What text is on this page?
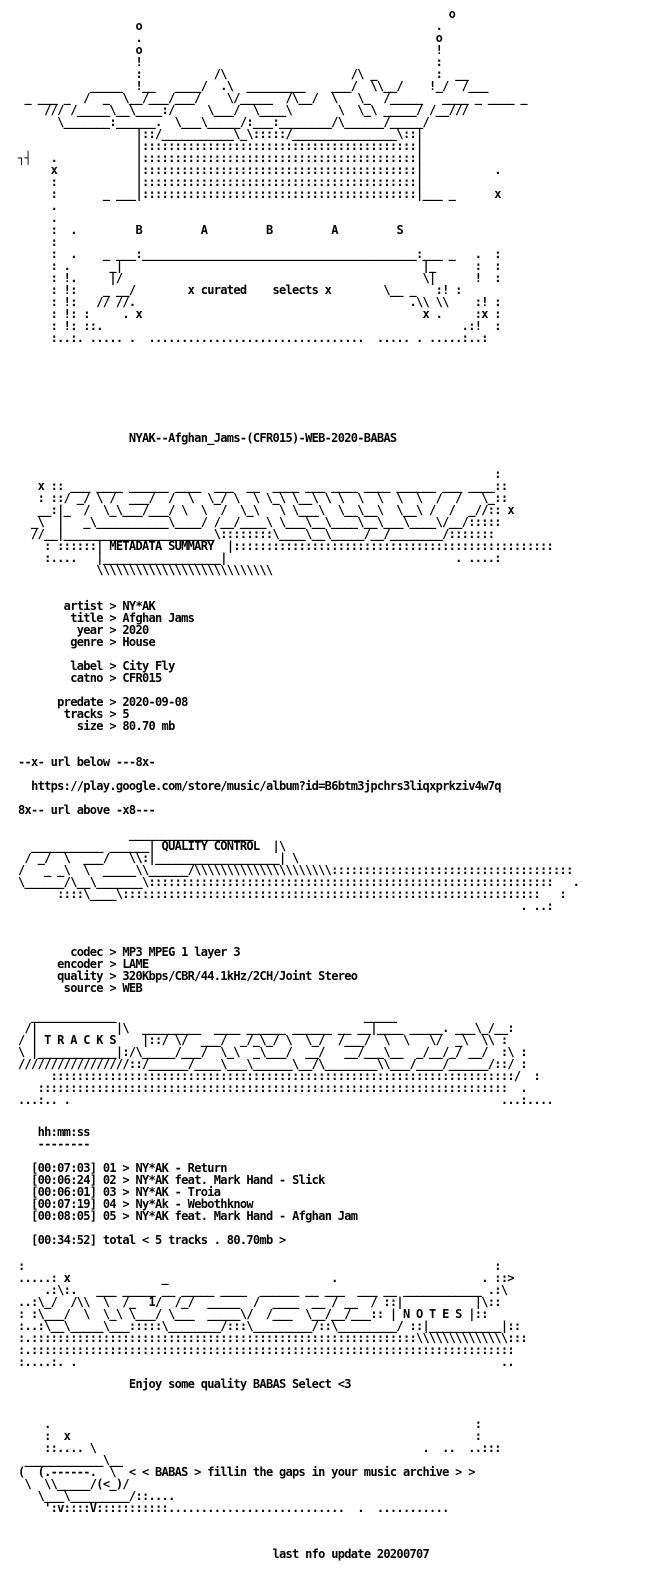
o
o                                             .
.                                             o
o                                             !
!                                             :
:           /\                   /\ _         :  __
_____  !__   ____/  .\  _________    ___/  \\__/    !_/  /___
_ ___ _  /  _  \__/___/___/    \/_____  /\__/  \   \_  /_____   ____ _ ____ _
/// /_____\__\____:/     \___/  \____\       \  \_\ _____/ /__///
\_______:______.  \___\_____/:___:________/\______/_____/
|::/___________\_\:::::/________________\::|
|::::::::::::::::::::::::::::::::::::::::::|
┐┤   .            |::::::::::::::::::::::::::::::::::::::::::|
x            |::::::::::::::::::::::::::::::::::::::::::|           .
:            |::::::::::::::::::::::::::::::::::::::::::|
:       _ ___|::::::::::::::::::::::::::::::::::::::::::|___ _      x
.
.
:  .	B         A         B         A         S
:
:  .    _ ___:__________________________________________:___ _   .  :
: .      _|                                              |_      :  :
: !.     |/                                              \|      !  :
: !:    _ __/	x curated    selects x	\__ _   :! :
: !:   // //.                                          .\\ \\    :! :
: !: :     . x                                           x .     :x :
: !: ::.                                                       .:!  :
:..:. ..... .  .................................  ..... . .....:..:
NYAK--Afghan_Jams-(CFR015)-WEB-2020-BABAS
:
x :: ___ ____ ______ ____  ___  __  ____ ___ ____ ____ ______ ___ ____::
: ::/ _/ \ /  ___/  /  \  \_/ \  \ \_\ \__\ \ \  \  \  \  \  /  /   \_::
__:|_  /  \_\___/___/ \  \  /  \_\   \ \___\  \__\__\  \__\ /  /  _//:: x
_\  |   _\___________\____/ /__/____\ \___\__\____\__\___\____\/__/:::::
//__|_______________________\::::::::\____\__\_____/__/________/:::::::
: ::::::| METADATA SUMMARY  |:::::::::::::::::::::::::::::::::::::::::::::::::
:....   |__________________|                                   . ....:
\\\\\\\\\\\\\\\\\\\\\\\\\\\
artist > NY*AK
title > Afghan Jams
year > 2020
genre > House

label > City Fly
catno > CFR015

predate > 2020-09-08
tracks > 5
size > 80.70 mb
--x- url below ---8x-
https://play.google.com/store/music/album?id=B6btm3jpchrs3liqxprkziv4w7q
8x-- url above -x8---
___________________
___________ ______| QUALITY CONTROL  |\
/ _/  \  ___/   \\:|___________________| \
/   _ _\  \  _____\\______/\\\\\\\\\\\\\\\\\\\\\:::::::::::::::::::::::::::::::::::::
\______/\__\_______\::::::::::::::::::::::::::::::::::::::::::::::::::::::::::::::   .
::::\____\::::::::::::::::::::::::::::::::::::::::::::::::::::::::::::::::   :
. ..:
codec > MP3 MPEG 1 layer 3
encoder > LAME
quality > 320Kbps/CBR/44.1kHz/2CH/Joint Stereo
source > WEB
_____________                                      _____
/|            |\  _________  ____ ______ ______ __ __|____ _____. ___\_/__:
/ | T R A C K S    |::/ \/  ___/  _/_\_/ \  \_/  /___/  \  \   \/  _\  \\ :
\ |____________|:/\_____/___/  \_\  _\___/  __/   __/___\__  _/__/_/ __/  :\ :
/////////////////::/______/____\___\______\__/\________\\___/____/______/::/ :
:::::::::::::::::::::::::::::::::::::::::::::::::::::::::::::::::::::::/  :
::::::::::::::::::::::::::::::::::::::::::::::::::::::::::::::::::::::::  .
...:.. .                                                                  ...:....
hh:mm:ss
--------

[00:07:03] 01 > NY*AK - Return
[00:06:24] 02 > NY*AK feat. Mark Hand - Slick
[00:06:01] 03 > NY*AK - Troia
[00:07:19] 04 > Ny*Ak - Webothknow
[00:08:05] 05 > NY*AK feat. Mark Hand - Afghan Jam

[00:34:52] total < 5 tracks . 80.70mb >
:                                                                        :
.....: x              _                         .                      . ::>
.:\:.   ___ _____ __ _____ ____  ______ __ ___  ___ __ ____________ .:\
..:\_/  /\\  \  /_  1/  /_/  _____  /  ____  __ / __  / ::|           |\::
: :\___/  \  \_\ \___/ \___  _____\/  /___  \__/__/___:: | N O T E S |::
:..:\__\_____\___:::::\________/:::\_________/::\_________/ ::|___________|::
:.:::::::::::::::::::::::::::::::::::::::::::::::::::::::::::\\\\\\\\\\\\\\:::
:.::::::::::::::::::::::::::::::::::::::::::::::::::::::::::::::::::::::::::
:....:. .                                                                 ..
Enjoy some quality BABAS Select <3
.                                                                 :
:  x                                                              :
::.... \                                                  .  ..  ..:::
____________\__
(  (.------.  \  < < BABAS > fillin the gaps in your music archive > >
\  \\_____/(<_)/
\___\_________/::....
':v::::V:::::::::::...........................  .  ...........
last nfo update 20200707
